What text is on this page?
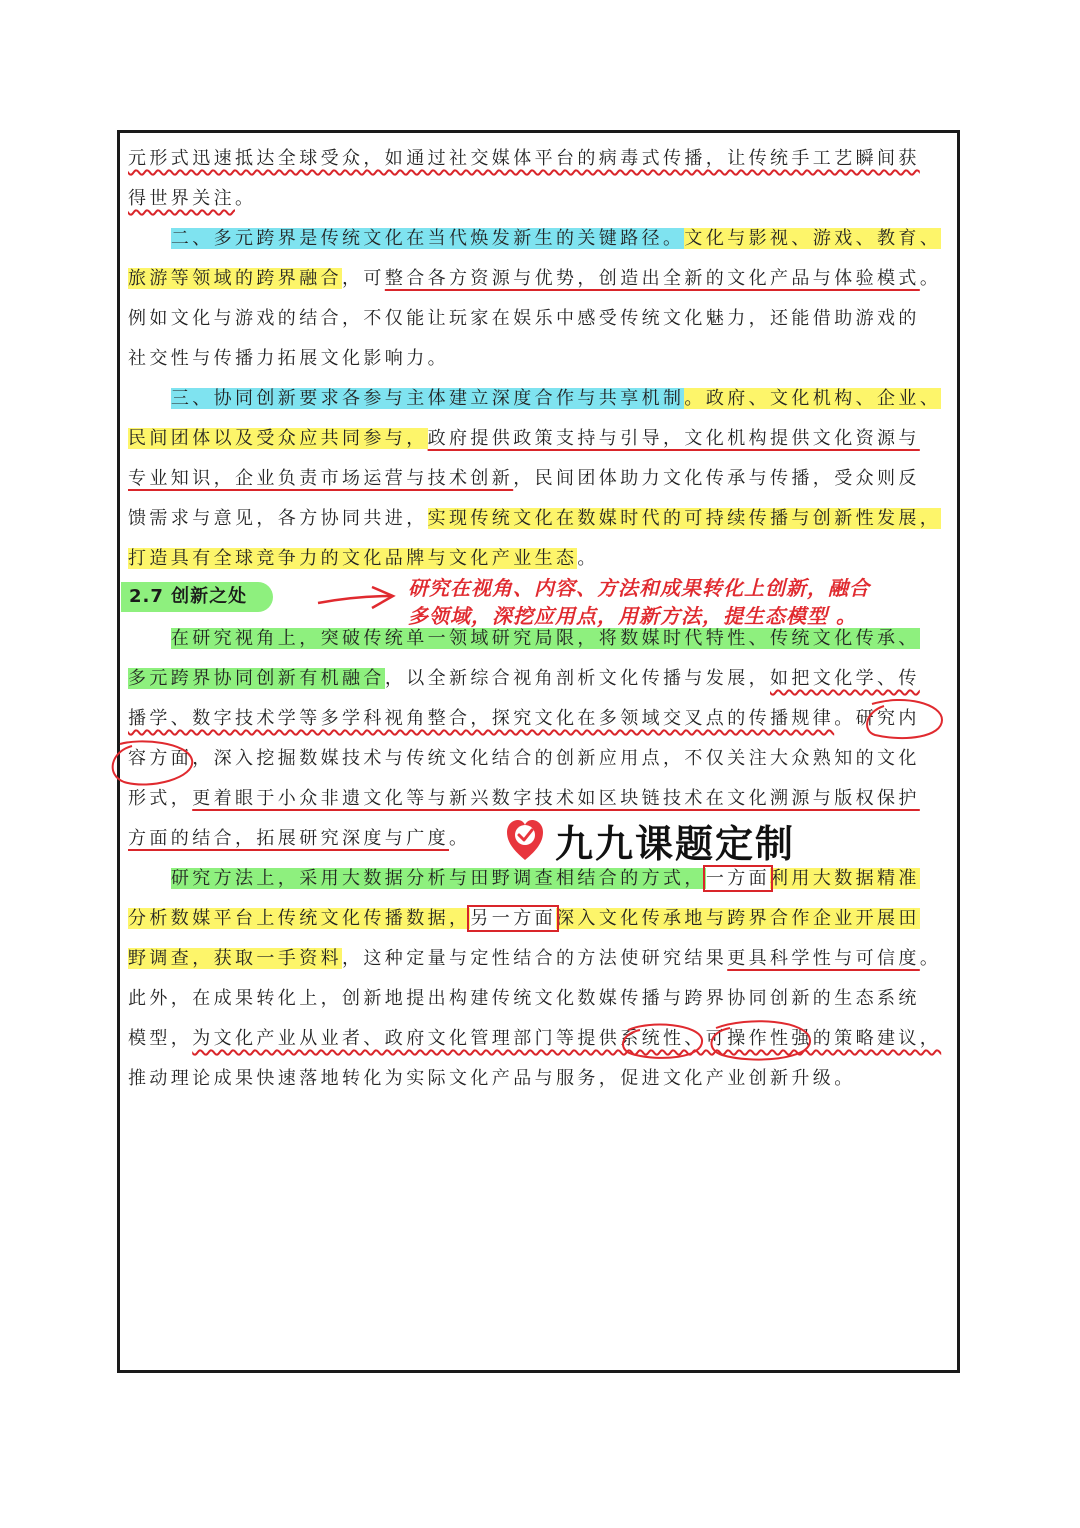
元形式迅速抵达全球受众，如通过社交媒体平台的病毒式传播，让传统手工艺瞬间获
得世界关注。
　　二、多元跨界是传统文化在当代焕发新生的关键路径。文化与影视、游戏、教育、
旅游等领域的跨界融合，可整合各方资源与优势，创造出全新的文化产品与体验模式。
例如文化与游戏的结合，不仅能让玩家在娱乐中感受传统文化魅力，还能借助游戏的
社交性与传播力拓展文化影响力。
　　三、协同创新要求各参与主体建立深度合作与共享机制。政府、文化机构、企业、
民间团体以及受众应共同参与，政府提供政策支持与引导，文化机构提供文化资源与
专业知识，企业负责市场运营与技术创新，民间团体助力文化传承与传播，受众则反
馈需求与意见，各方协同共进，实现传统文化在数媒时代的可持续传播与创新性发展，
打造具有全球竞争力的文化品牌与文化产业生态。
2.7 创新之处	研究在视角、内容、方法和成果转化上创新，融合
多领域，深挖应用点，用新方法，提生态模型 。
　　在研究视角上，突破传统单一领域研究局限，将数媒时代特性、传统文化传承、
多元跨界协同创新有机融合，以全新综合视角剖析文化传播与发展，如把文化学、传
播学、数字技术学等多学科视角整合，探究文化在多领域交叉点的传播规律。研究内
容方面，深入挖掘数媒技术与传统文化结合的创新应用点，不仅关注大众熟知的文化
形式，更着眼于小众非遗文化等与新兴数字技术如区块链技术在文化溯源与版权保护
方面的结合，拓展研究深度与广度。
　　研究方法上，采用大数据分析与田野调查相结合的方式，一方面利用大数据精准
分析数媒平台上传统文化传播数据，另一方面深入文化传承地与跨界合作企业开展田
野调查，获取一手资料，这种定量与定性结合的方法使研究结果更具科学性与可信度。
此外，在成果转化上，创新地提出构建传统文化数媒传播与跨界协同创新的生态系统
模型，为文化产业从业者、政府文化管理部门等提供系统性、可操作性强的策略建议，
推动理论成果快速落地转化为实际文化产品与服务，促进文化产业创新升级。
九九课题定制
